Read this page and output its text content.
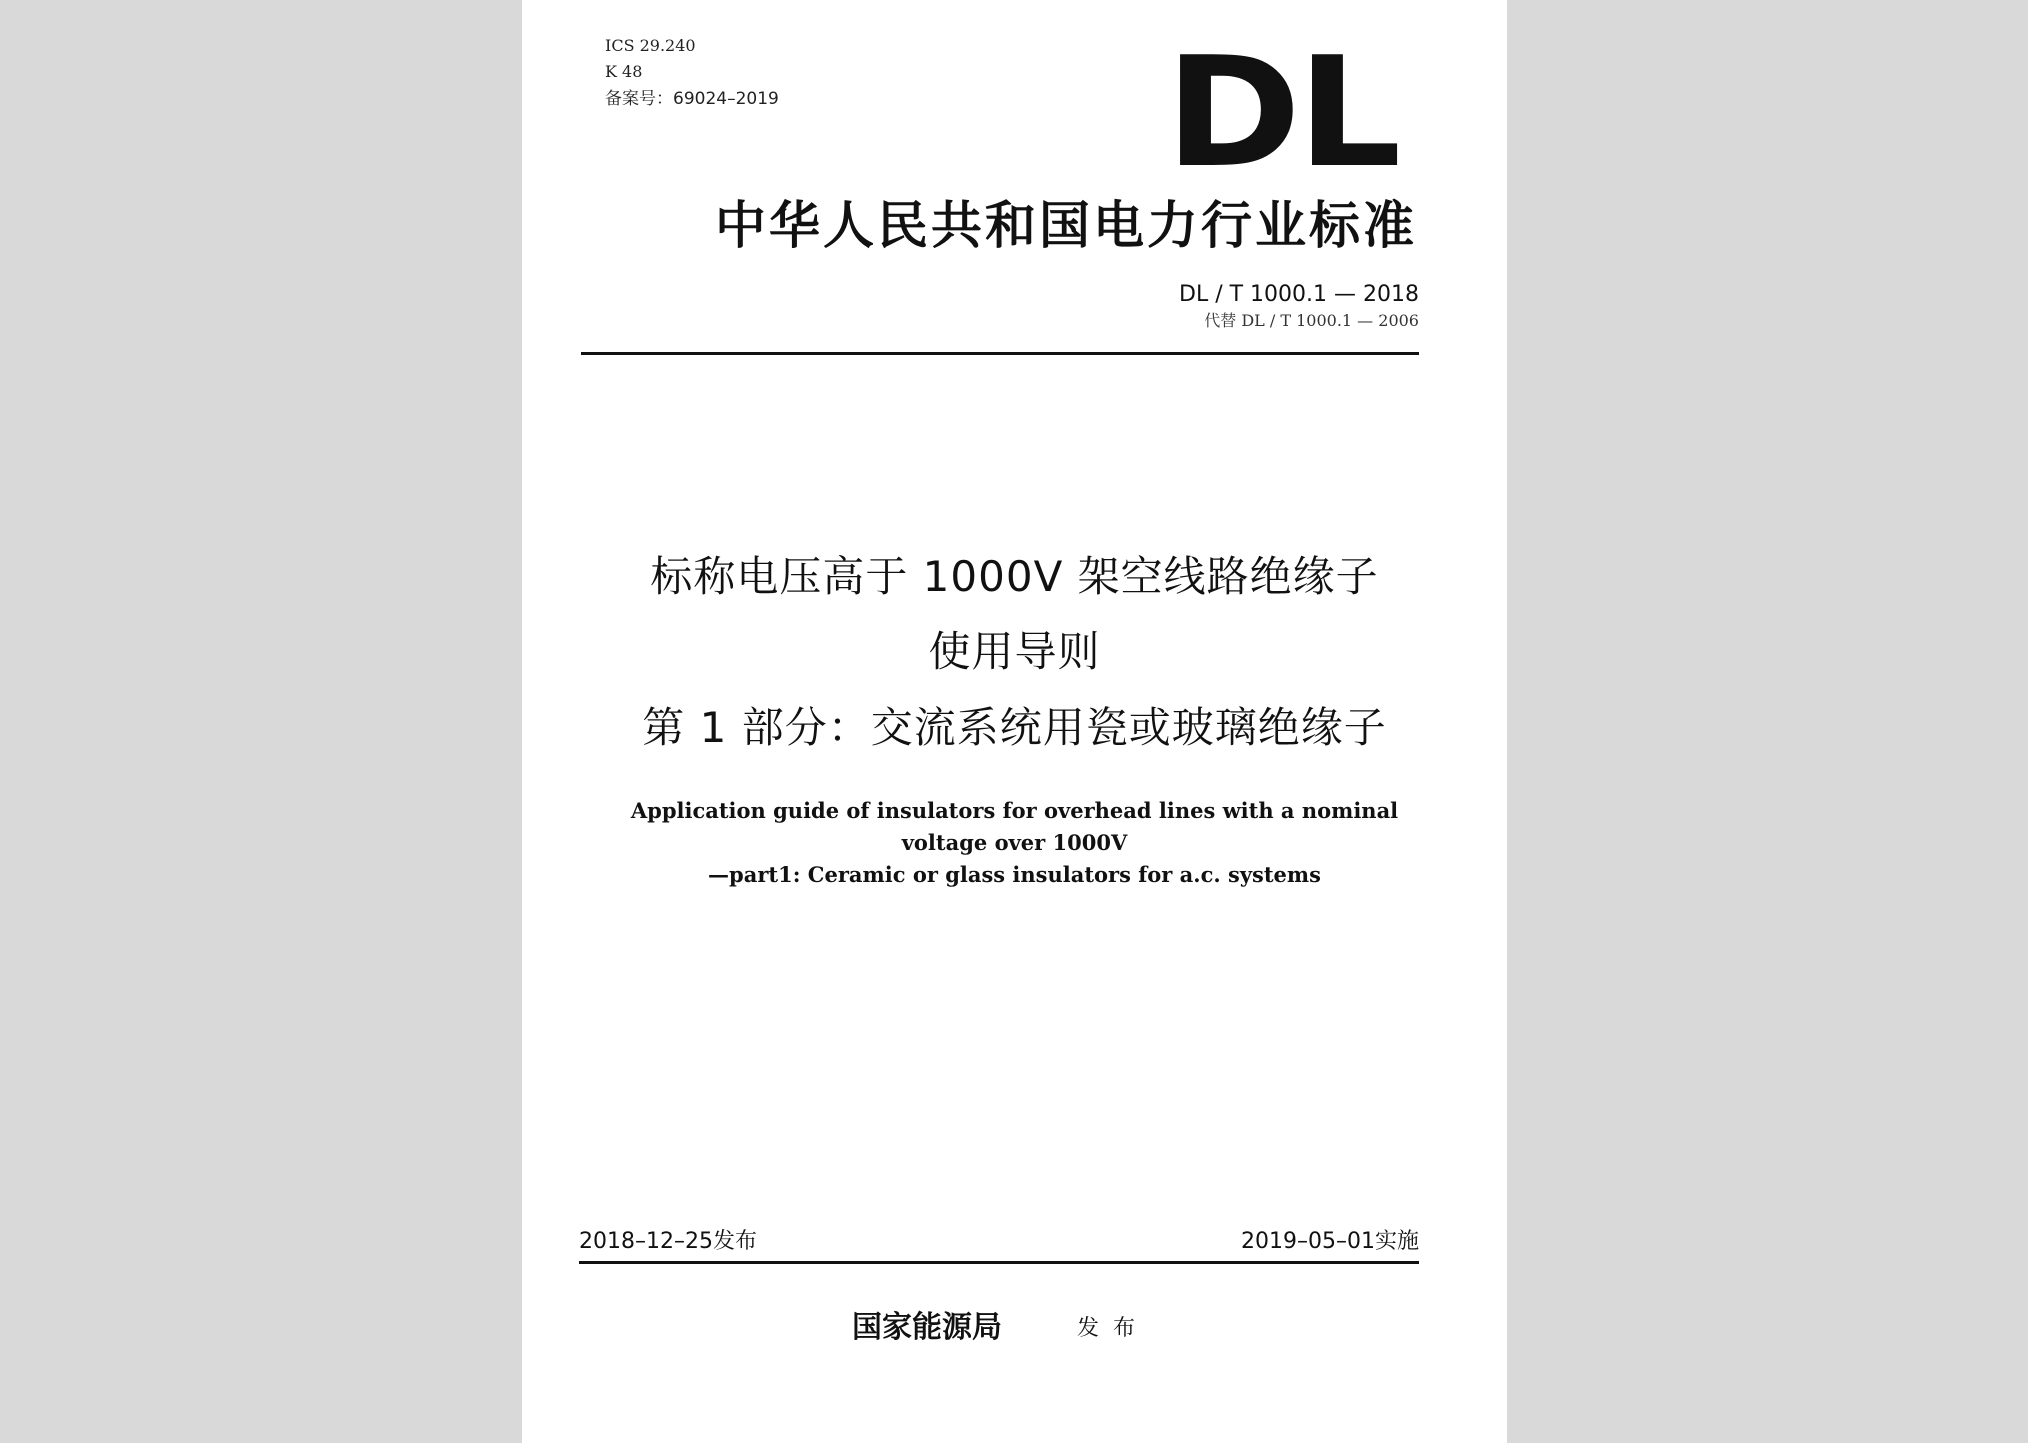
ICS 29.240
K 48
备案号：69024–2019	DL
中华人民共和国电力行业标准
DL / T 1000.1 — 2018
代替 DL / T 1000.1 — 2006
标称电压高于 1000V 架空线路绝缘子
使用导则
第 1 部分：交流系统用瓷或玻璃绝缘子
Application guide of insulators for overhead lines with a nominal
voltage over 1000V
—part1: Ceramic or glass insulators for a.c. systems
2018–12–25发布	2019–05–01实施
国家能源局	发布
